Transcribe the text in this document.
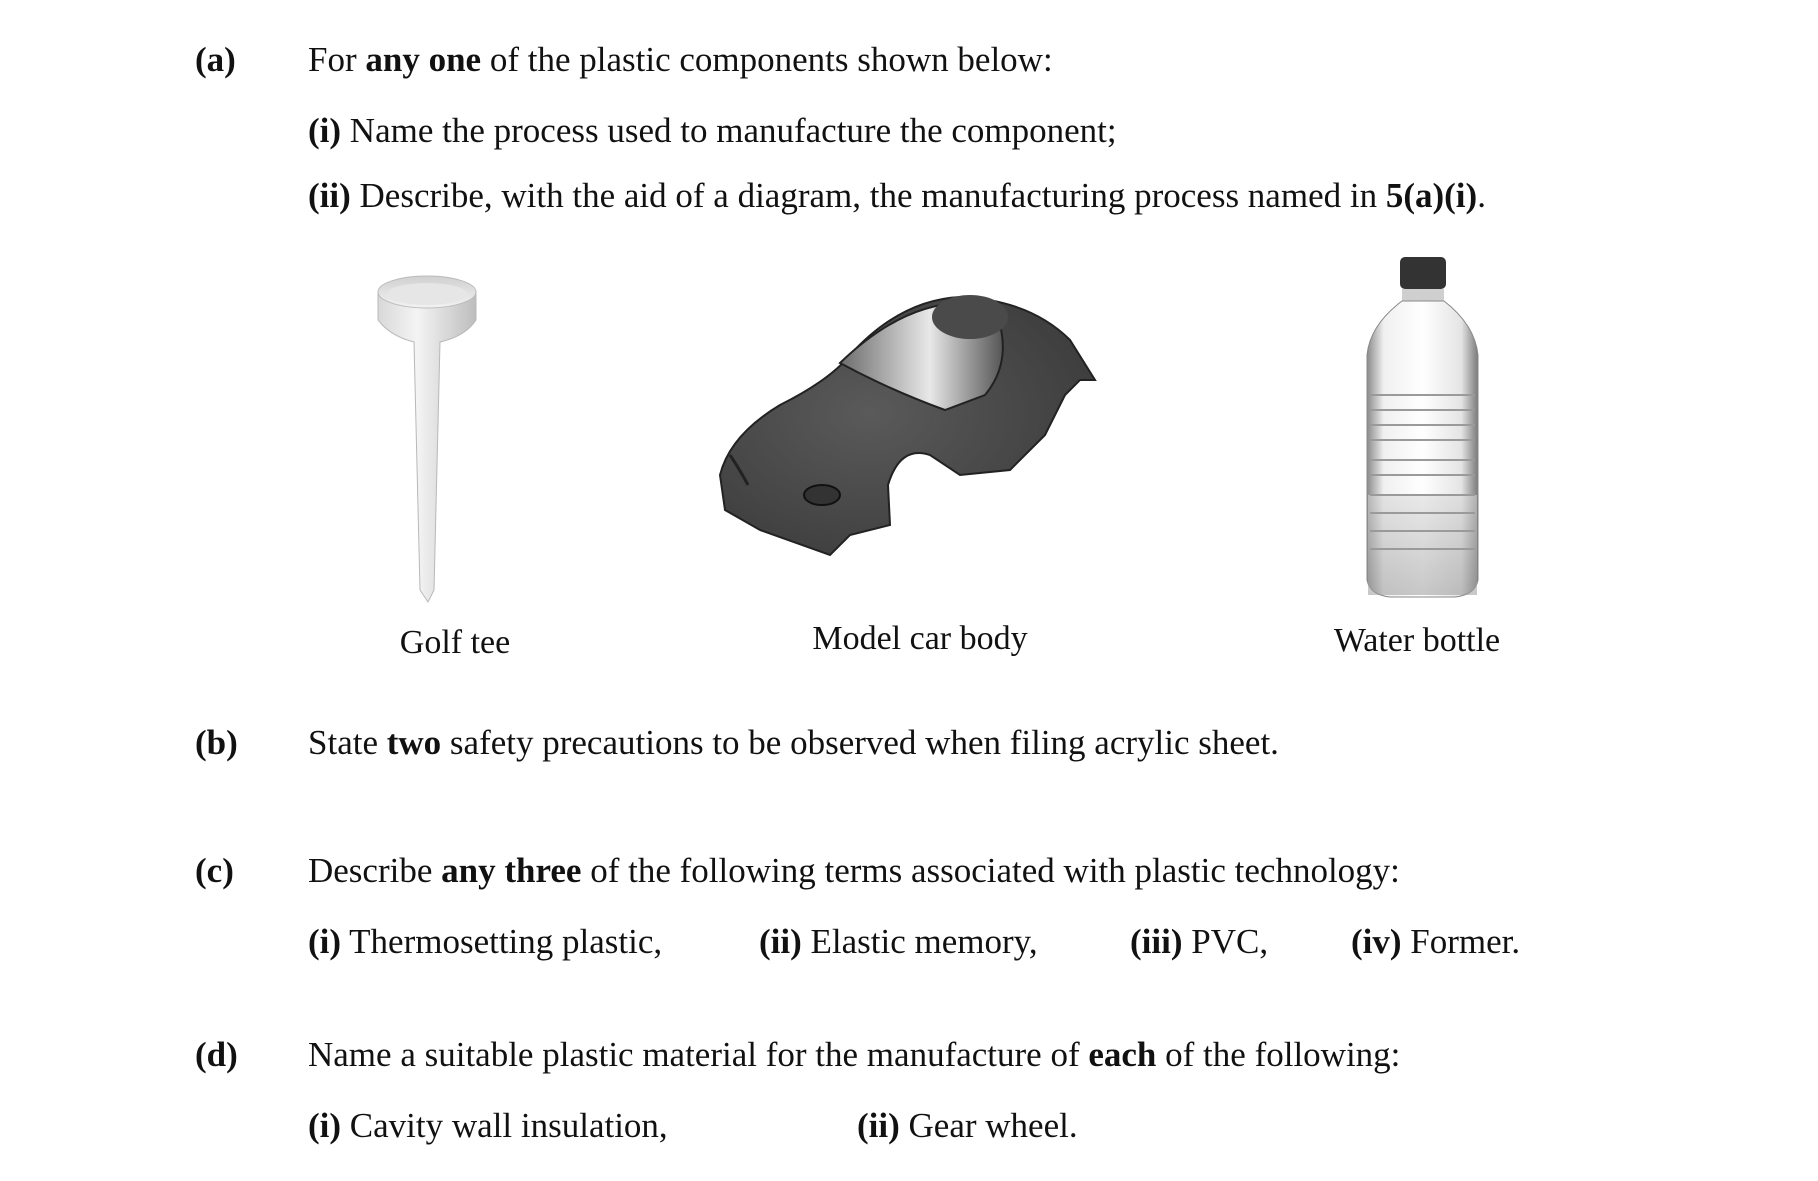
(a) For any one of the plastic components shown below:
(i) Name the process used to manufacture the component;
(ii) Describe, with the aid of a diagram, the manufacturing process named in 5(a)(i).
Golf tee	Model car body	Water bottle
(b) State two safety precautions to be observed when filing acrylic sheet.
(c) Describe any three of the following terms associated with plastic technology:
(i) Thermosetting plastic,	(ii) Elastic memory,	(iii) PVC, (iv) Former.
(d) Name a suitable plastic material for the manufacture of each of the following:
(i) Cavity wall insulation,	(ii) Gear wheel.
